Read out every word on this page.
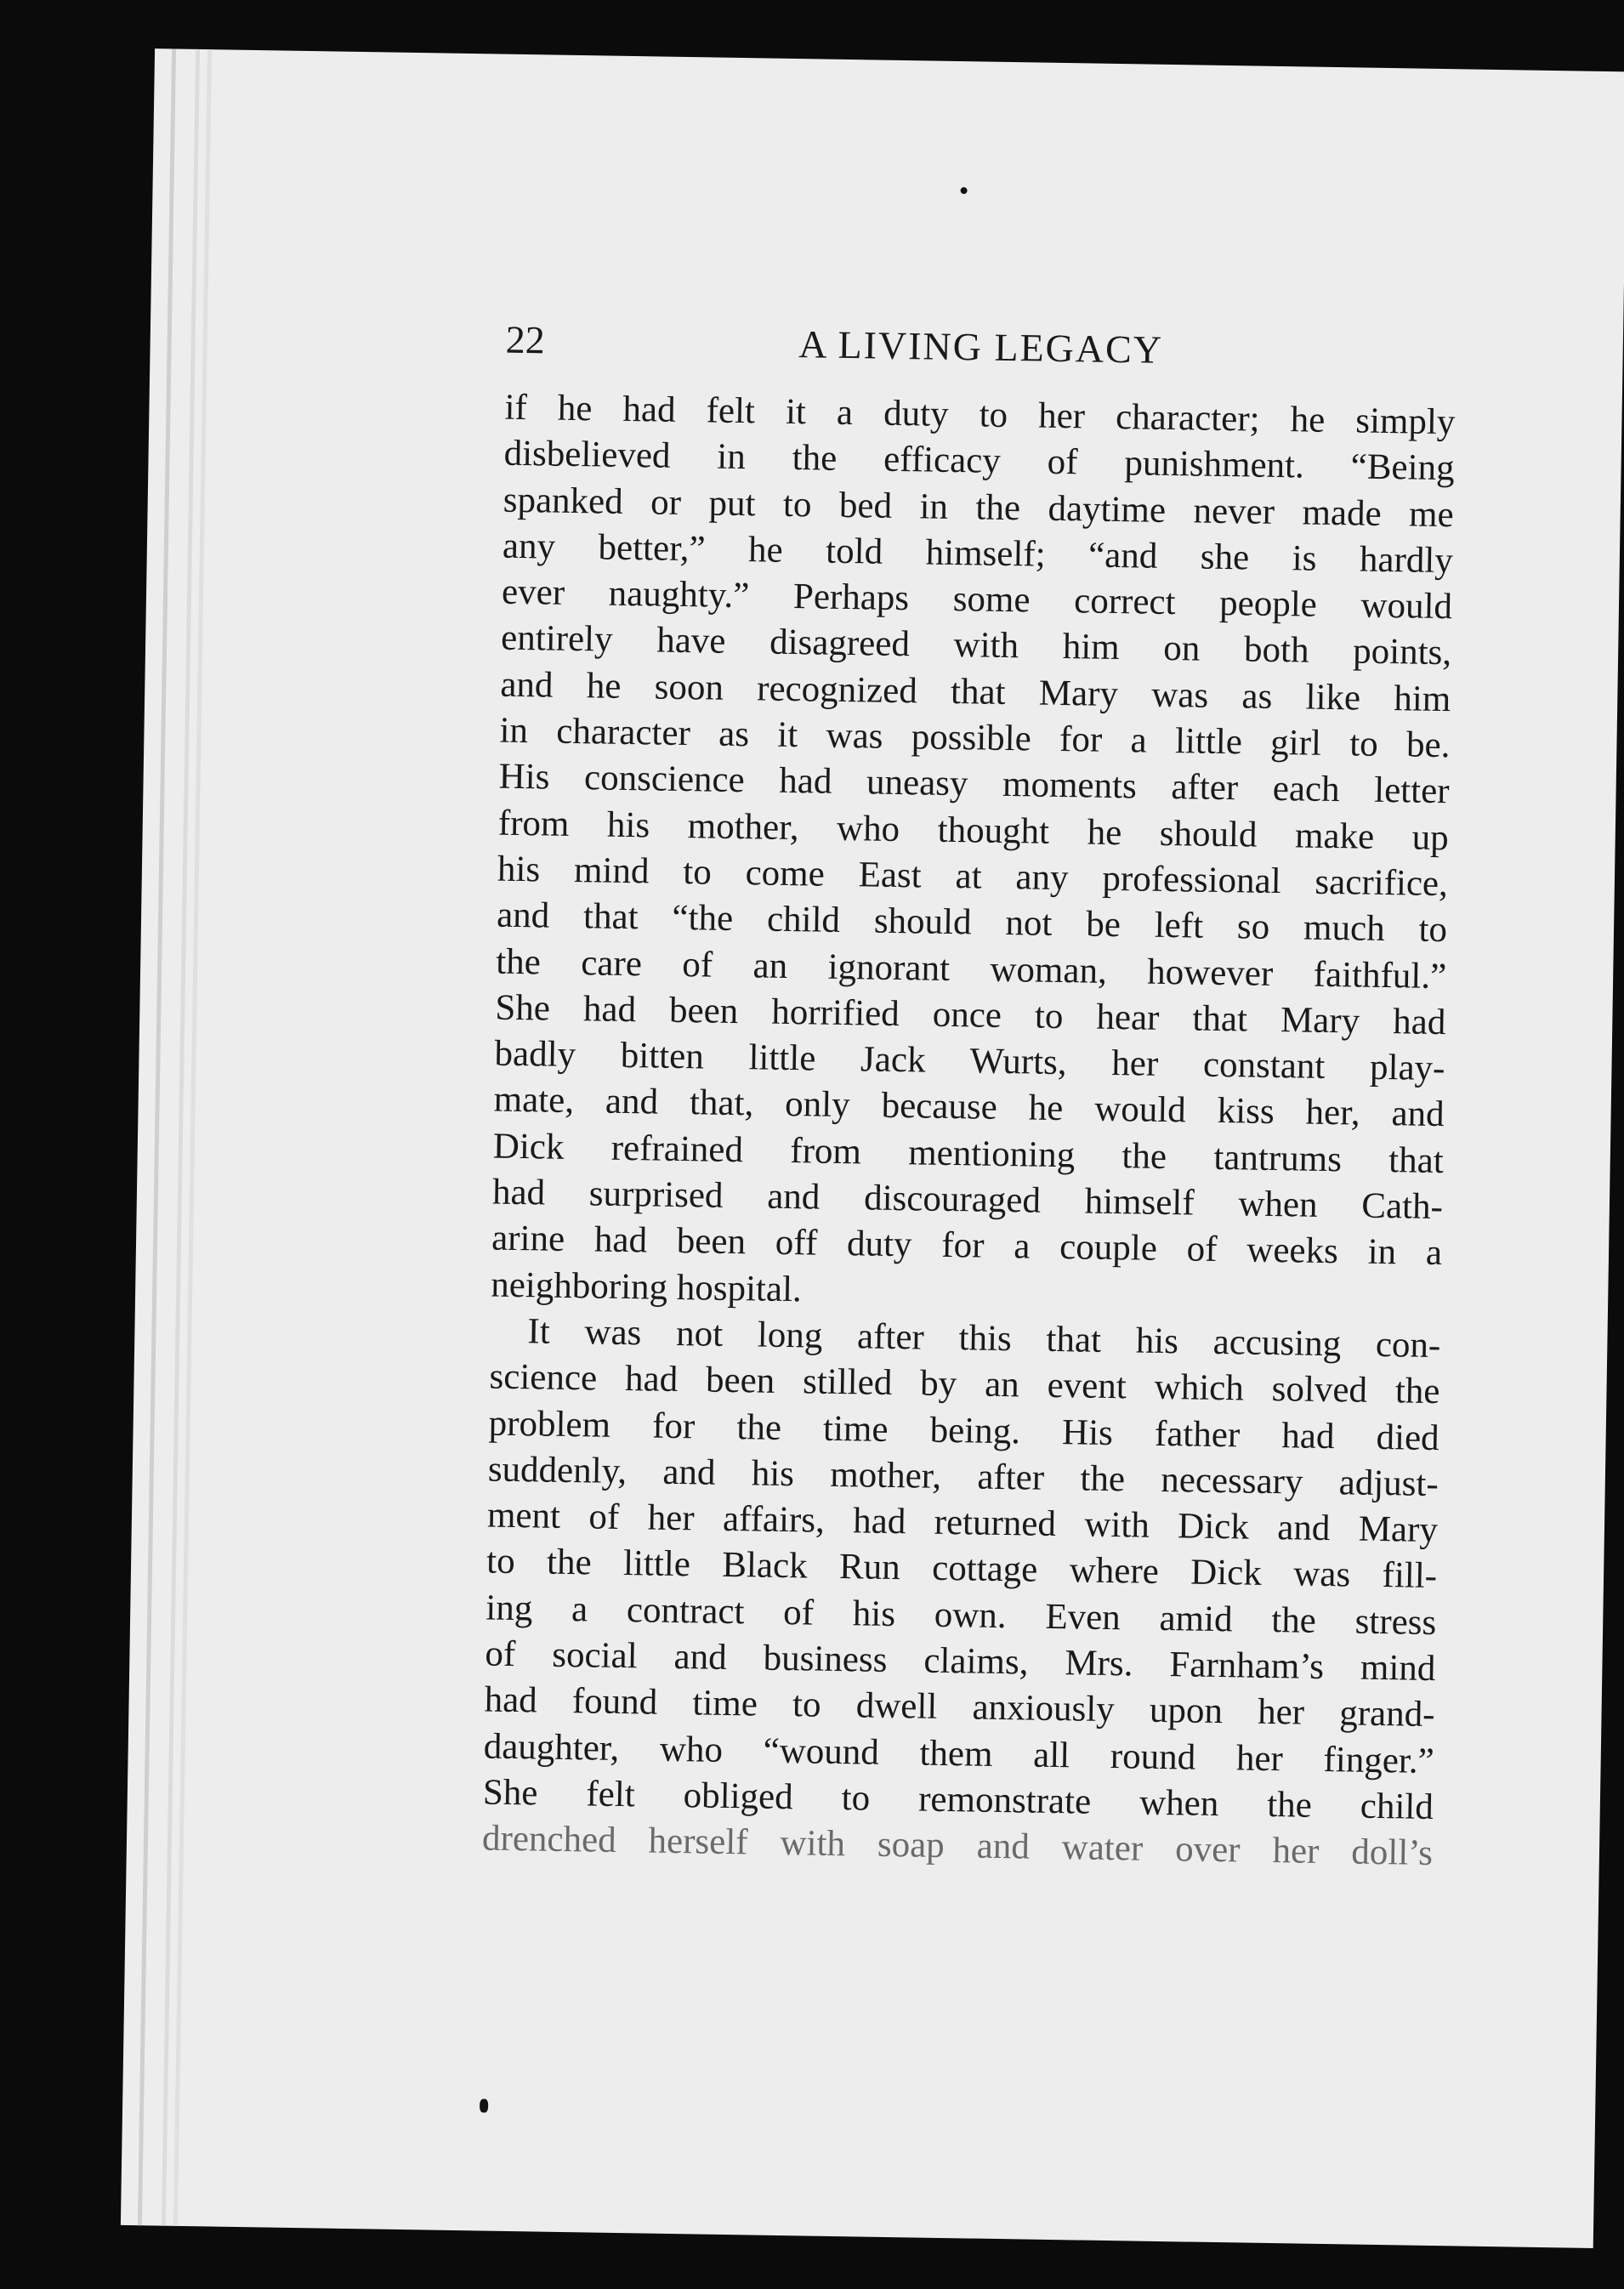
22	A LIVING LEGACY
if he had felt it a duty to her character; he simply
disbelieved in the efficacy of punishment. “Being
spanked or put to bed in the daytime never made me
any better,” he told himself; “and she is hardly
ever naughty.” Perhaps some correct people would
entirely have disagreed with him on both points,
and he soon recognized that Mary was as like him
in character as it was possible for a little girl to be.
His conscience had uneasy moments after each letter
from his mother, who thought he should make up
his mind to come East at any professional sacrifice,
and that “the child should not be left so much to
the care of an ignorant woman, however faithful.”
She had been horrified once to hear that Mary had
badly bitten little Jack Wurts, her constant play-
mate, and that, only because he would kiss her, and
Dick refrained from mentioning the tantrums that
had surprised and discouraged himself when Cath-
arine had been off duty for a couple of weeks in a
neighboring hospital.
It was not long after this that his accusing con-
science had been stilled by an event which solved the
problem for the time being. His father had died
suddenly, and his mother, after the necessary adjust-
ment of her affairs, had returned with Dick and Mary
to the little Black Run cottage where Dick was fill-
ing a contract of his own. Even amid the stress
of social and business claims, Mrs. Farnham’s mind
had found time to dwell anxiously upon her grand-
daughter, who “wound them all round her finger.”
She felt obliged to remonstrate when the child
drenched herself with soap and water over her doll’s
